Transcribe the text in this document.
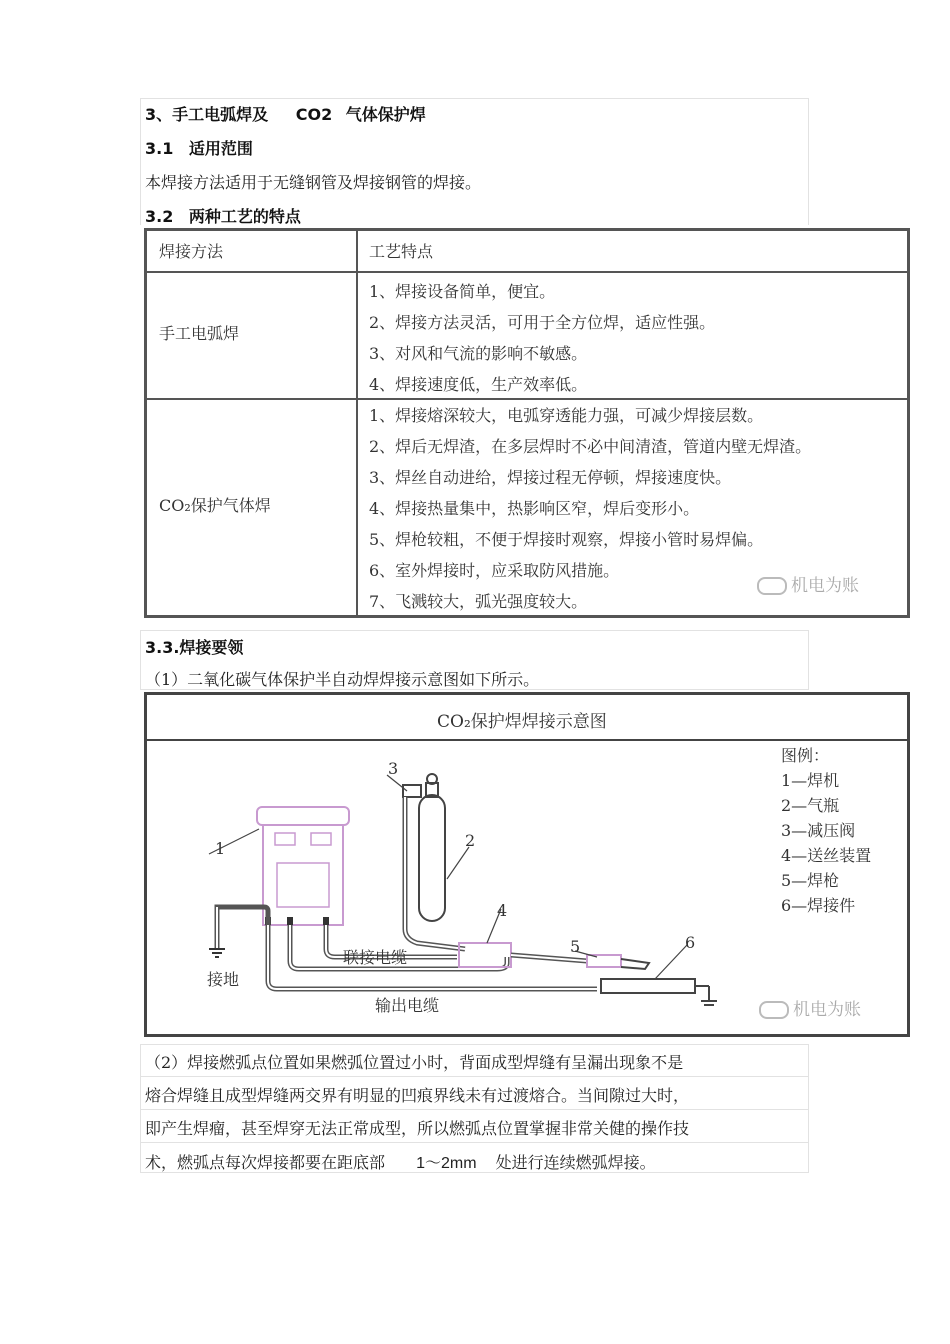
3、手工电弧焊及 CO2 气体保护焊
3.1 适用范围
本焊接方法适用于无缝钢管及焊接钢管的焊接。
3.2 两种工艺的特点
焊接方法	工艺特点
手工电弧焊
1、焊接设备简单，便宜。
2、焊接方法灵活，可用于全方位焊，适应性强。
3、对风和气流的影响不敏感。
4、焊接速度低，生产效率低。
CO₂保护气体焊
1、焊接熔深较大，电弧穿透能力强，可减少焊接层数。
2、焊后无焊渣，在多层焊时不必中间清渣，管道内壁无焊渣。
3、焊丝自动进给，焊接过程无停顿，焊接速度快。
4、焊接热量集中，热影响区窄，焊后变形小。
5、焊枪较粗，不便于焊接时观察，焊接小管时易焊偏。
6、室外焊接时，应采取防风措施。
7、飞溅较大，弧光强度较大。
机电为账
3.3.焊接要领
（1）二氧化碳气体保护半自动焊焊接示意图如下所示。
CO₂保护焊焊接示意图
1
3
2
4
5	6
接地
联接电缆
输出电缆
图例：
1—焊机
2—气瓶
3—减压阀
4—送丝装置
5—焊枪
6—焊接件
机电为账
（2）焊接燃弧点位置如果燃弧位置过小时，背面成型焊缝有呈漏出现象不是
熔合焊缝且成型焊缝两交界有明显的凹痕界线未有过渡熔合。当间隙过大时，
即产生焊瘤，甚至焊穿无法正常成型，所以燃弧点位置掌握非常关健的操作技
术，燃弧点每次焊接都要在距底部 1～2mm 处进行连续燃弧焊接。
